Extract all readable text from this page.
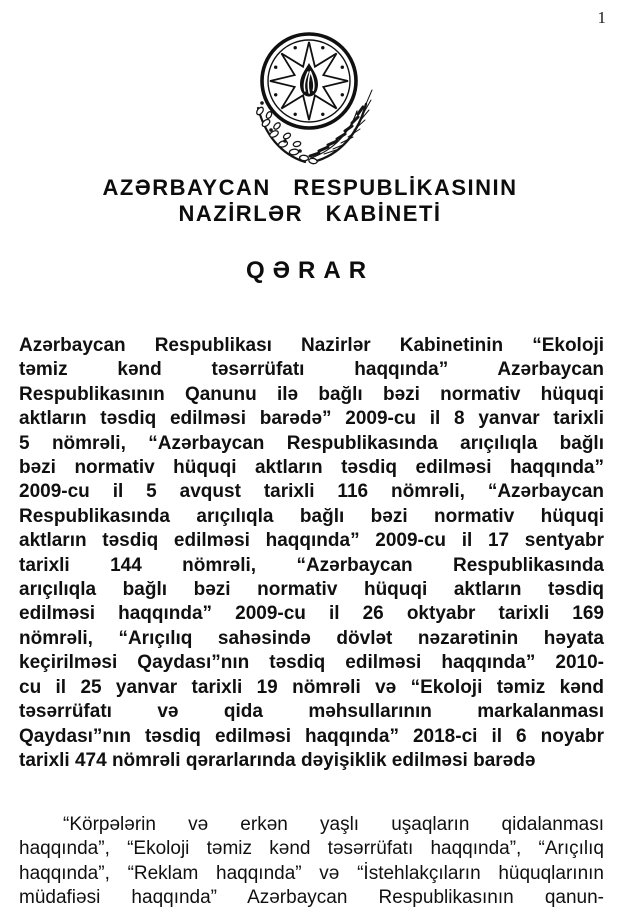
1
AZƏRBAYCAN RESPUBLİKASININ
NAZİRLƏR KABİNETİ
QƏRAR
Azərbaycan Respublikası Nazirlər Kabinetinin “Ekoloji
təmiz kənd təsərrüfatı haqqında” Azərbaycan
Respublikasının Qanunu ilə bağlı bəzi normativ hüquqi
aktların təsdiq edilməsi barədə” 2009-cu il 8 yanvar tarixli
5 nömrəli, “Azərbaycan Respublikasında arıçılıqla bağlı
bəzi normativ hüquqi aktların təsdiq edilməsi haqqında”
2009-cu il 5 avqust tarixli 116 nömrəli, “Azərbaycan
Respublikasında arıçılıqla bağlı bəzi normativ hüquqi
aktların təsdiq edilməsi haqqında” 2009-cu il 17 sentyabr
tarixli 144 nömrəli, “Azərbaycan Respublikasında
arıçılıqla bağlı bəzi normativ hüquqi aktların təsdiq
edilməsi haqqında” 2009-cu il 26 oktyabr tarixli 169
nömrəli, “Arıçılıq sahəsində dövlət nəzarətinin həyata
keçirilməsi Qaydası”nın təsdiq edilməsi haqqında” 2010-
cu il 25 yanvar tarixli 19 nömrəli və “Ekoloji təmiz kənd
təsərrüfatı və qida məhsullarının markalanması
Qaydası”nın təsdiq edilməsi haqqında” 2018-ci il 6 noyabr
tarixli 474 nömrəli qərarlarında dəyişiklik edilməsi barədə
“Körpələrin və erkən yaşlı uşaqların qidalanması
haqqında”, “Ekoloji təmiz kənd təsərrüfatı haqqında”, “Arıçılıq
haqqında”, “Reklam haqqında” və “İstehlakçıların hüquqlarının
müdafiəsi haqqında” Azərbaycan Respublikasının qanun-
